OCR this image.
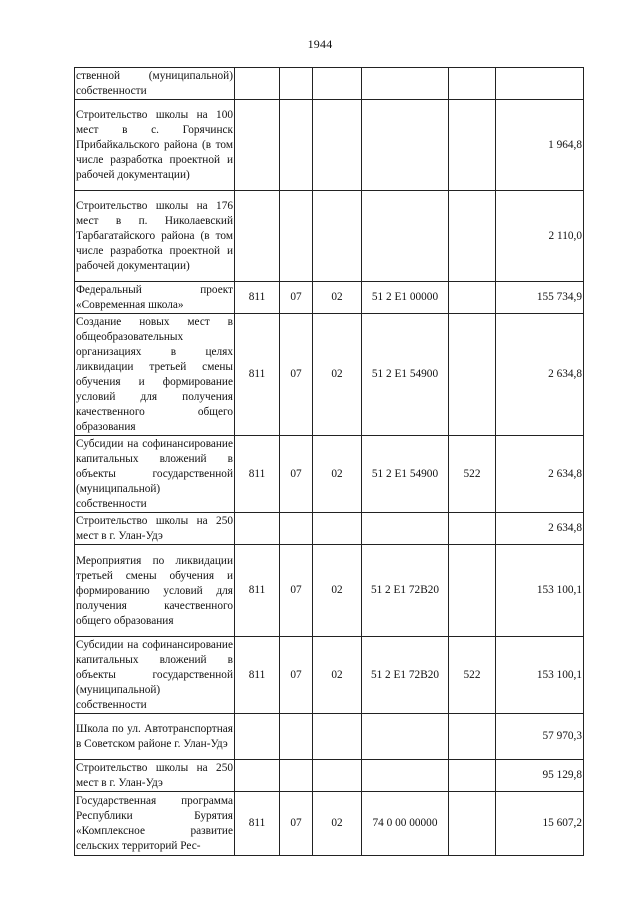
1944
ственной (муниципальной) собственности						
Строительство школы на 100 мест в с. Горячинск Прибайкальского района (в том числе разработка проектной и рабочей документации)						1 964,8
Строительство школы на 176 мест в п. Николаевский Тарбагатайского района (в том числе разработка проектной и рабочей документации)						2 110,0
Федеральный проект «Современная школа»	811	07	02	51 2 E1 00000		155 734,9
Создание новых мест в общеобразовательных организациях в целях ликвидации третьей смены обучения и формирование условий для получения качественного общего образования	811	07	02	51 2 E1 54900		2 634,8
Субсидии на софинансирование капитальных вложений в объекты государственной (муниципальной) собственности	811	07	02	51 2 E1 54900	522	2 634,8
Строительство школы на 250 мест в г. Улан-Удэ						2 634,8
Мероприятия по ликвидации третьей смены обучения и формированию условий для получения качественного общего образования	811	07	02	51 2 E1 72B20		153 100,1
Субсидии на софинансирование капитальных вложений в объекты государственной (муниципальной) собственности	811	07	02	51 2 E1 72B20	522	153 100,1
Школа по ул. Автотранспортная в Советском районе г. Улан-Удэ						57 970,3
Строительство школы на 250 мест в г. Улан-Удэ						95 129,8
Государственная программа Республики Бурятия «Комплексное развитие сельских территорий Рес-	811	07	02	74 0 00 00000		15 607,2
